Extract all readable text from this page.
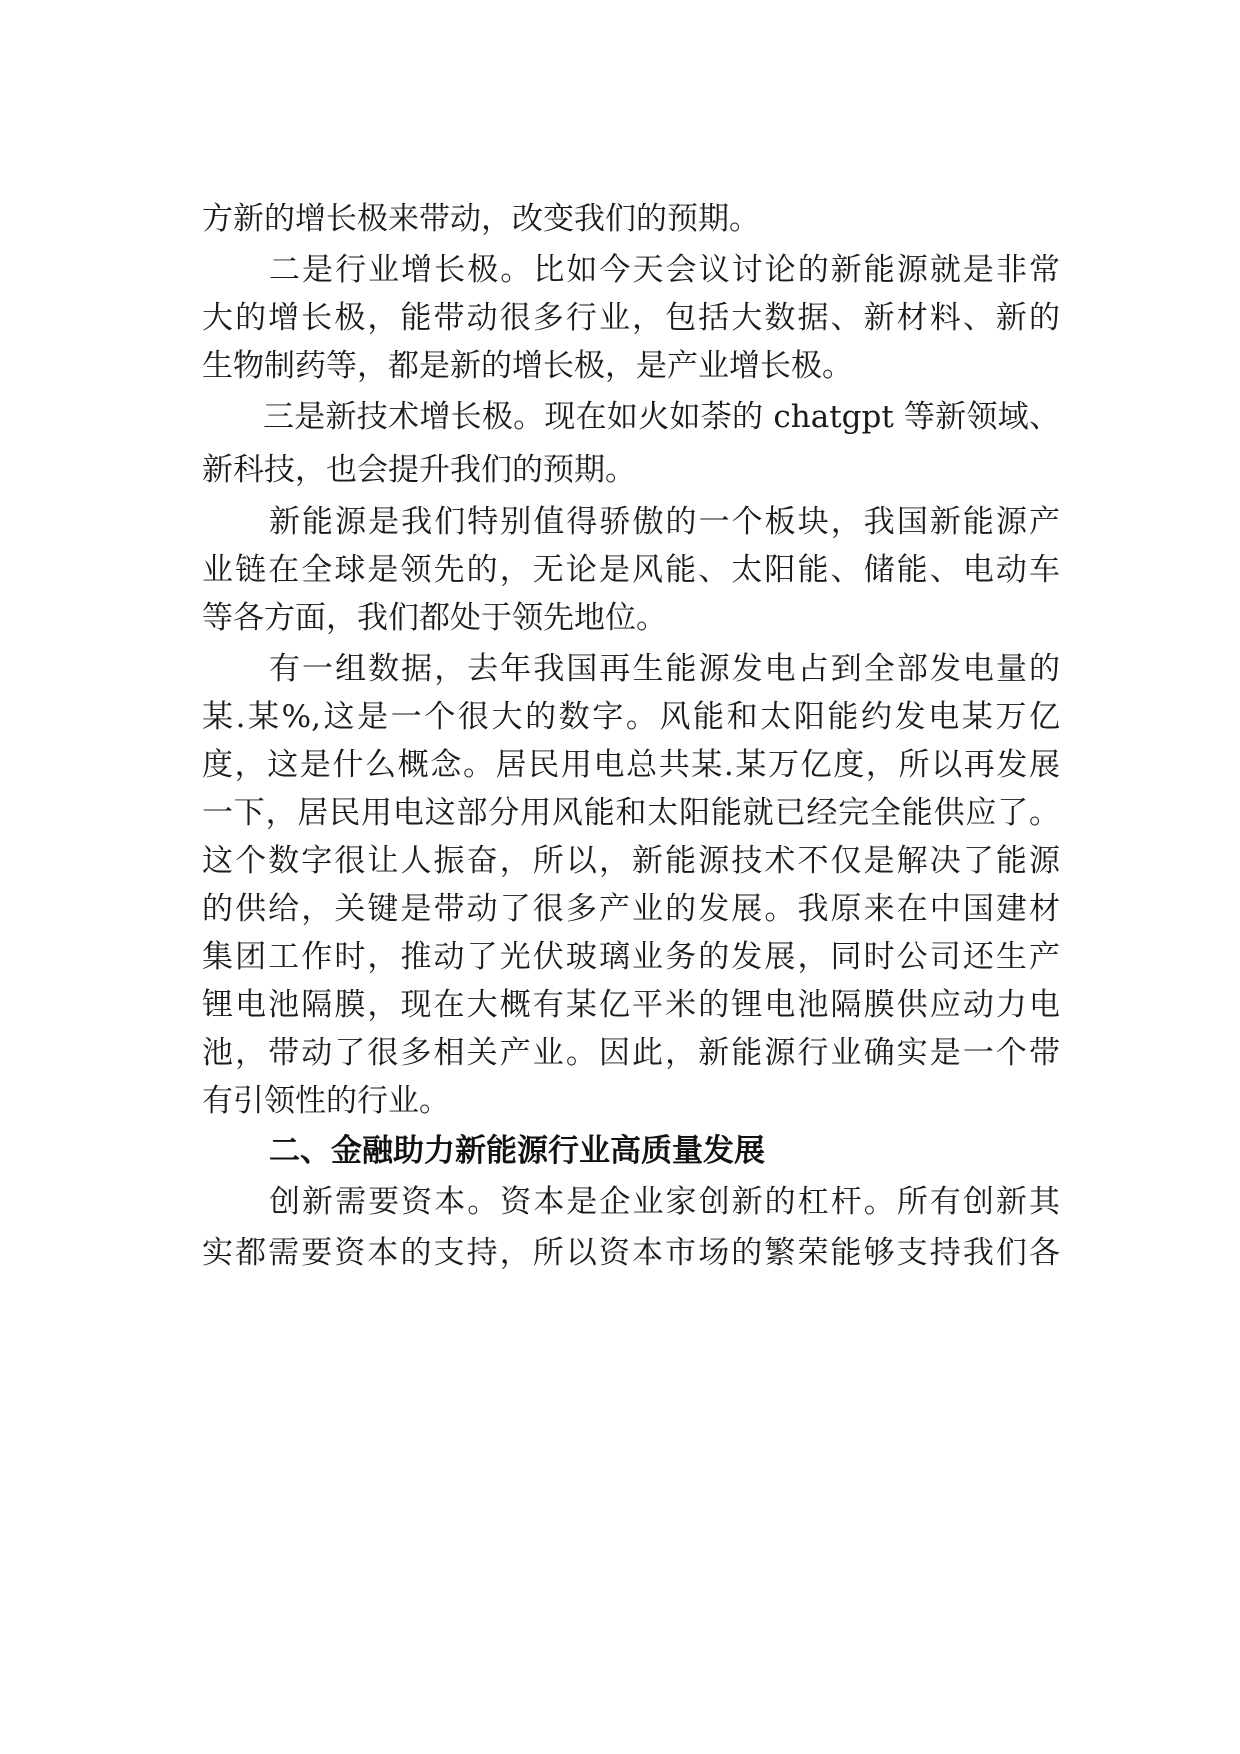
方新的增长极来带动，改变我们的预期。
二是行业增长极。比如今天会议讨论的新能源就是非常
大的增长极，能带动很多行业，包括大数据、新材料、新的
生物制药等，都是新的增长极，是产业增长极。
三是新技术增长极。现在如火如荼的 chatgpt 等新领域、
新科技，也会提升我们的预期。
新能源是我们特别值得骄傲的一个板块，我国新能源产
业链在全球是领先的，无论是风能、太阳能、储能、电动车
等各方面，我们都处于领先地位。
有一组数据，去年我国再生能源发电占到全部发电量的
某.某%,这是一个很大的数字。风能和太阳能约发电某万亿
度，这是什么概念。居民用电总共某.某万亿度，所以再发展
一下，居民用电这部分用风能和太阳能就已经完全能供应了。
这个数字很让人振奋，所以，新能源技术不仅是解决了能源
的供给，关键是带动了很多产业的发展。我原来在中国建材
集团工作时，推动了光伏玻璃业务的发展，同时公司还生产
锂电池隔膜，现在大概有某亿平米的锂电池隔膜供应动力电
池，带动了很多相关产业。因此，新能源行业确实是一个带
有引领性的行业。
二、金融助力新能源行业高质量发展
创新需要资本。资本是企业家创新的杠杆。所有创新其
实都需要资本的支持，所以资本市场的繁荣能够支持我们各
